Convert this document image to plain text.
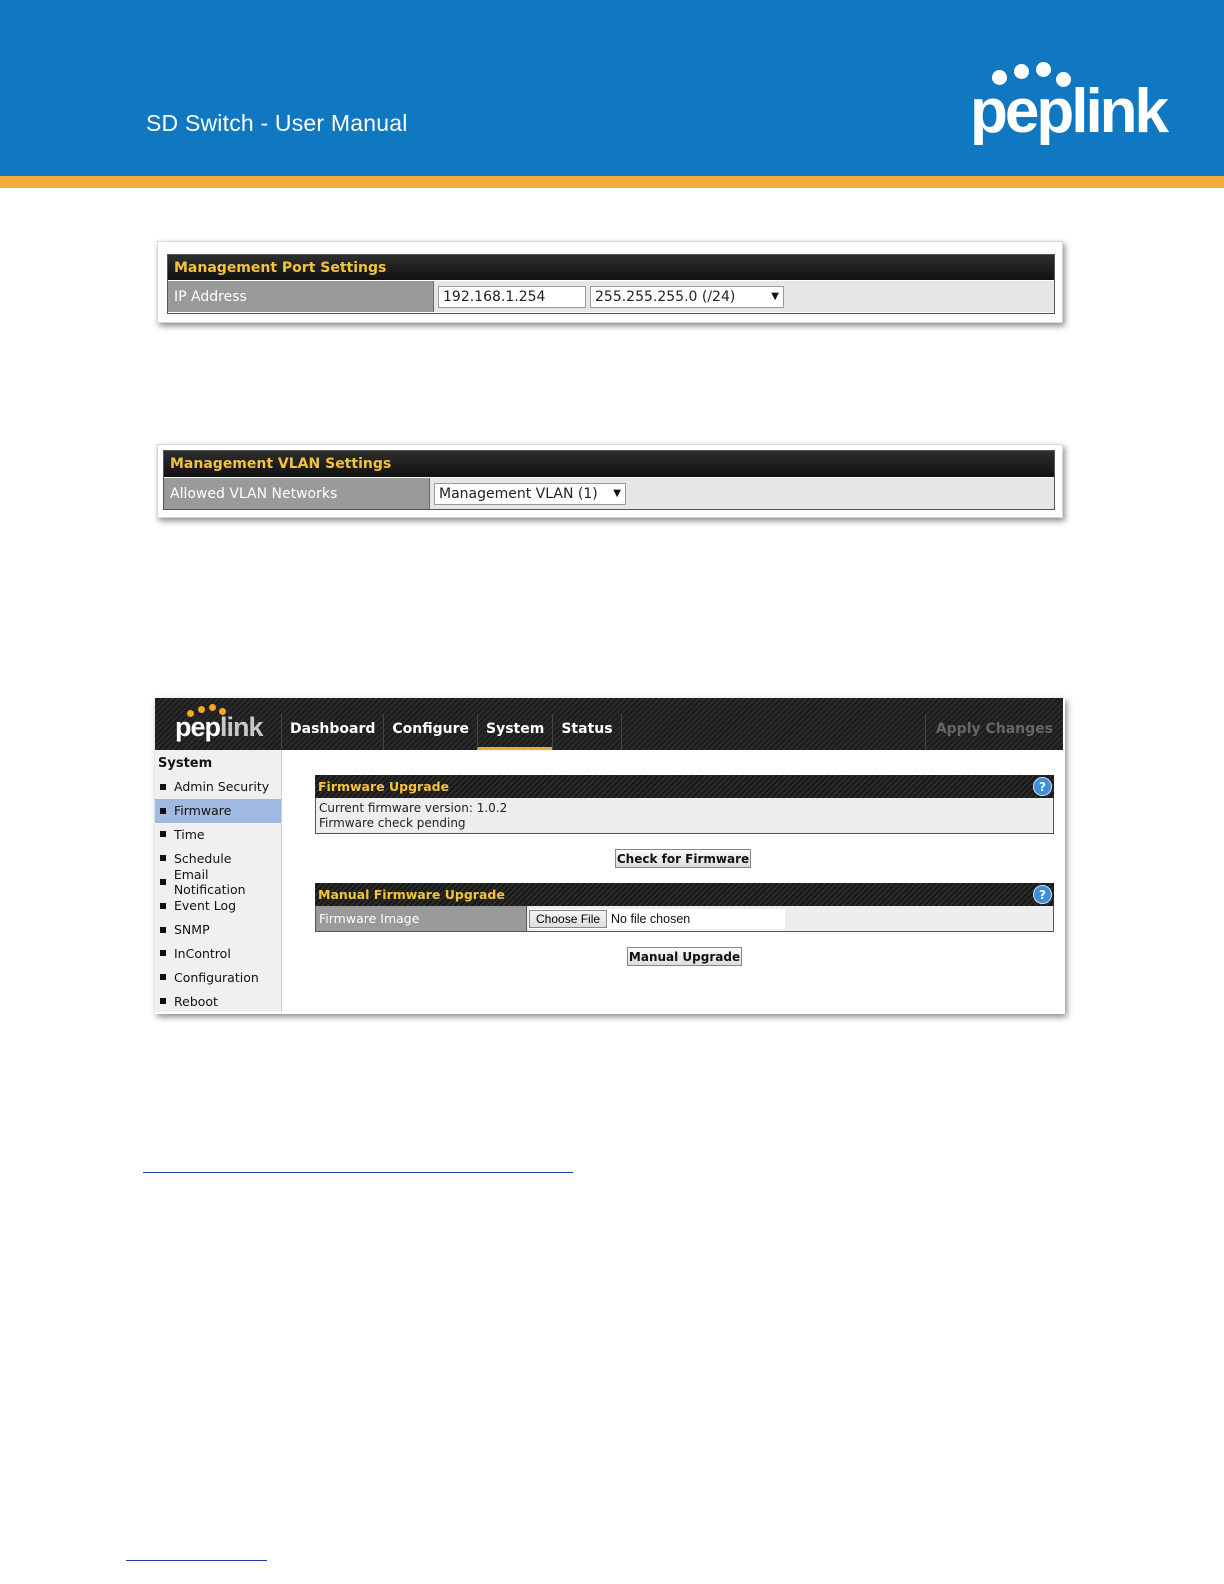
SD Switch - User Manual	peplink
Management Port Settings
IP Address	192.168.1.254	255.255.255.0 (/24)	▼
Management VLAN Settings
Allowed VLAN Networks	Management VLAN (1) ▼
peplink	Dashboard	Configure	System	Status	Apply Changes
System
Admin Security
Firmware
Time
Schedule
Email Notification
Event Log
SNMP
InControl
Configuration
Reboot
Firmware Upgrade	?
Current firmware version: 1.0.2
Firmware check pending
Check for Firmware
Manual Firmware Upgrade	?
Firmware Image	Choose File No file chosen
Manual Upgrade
